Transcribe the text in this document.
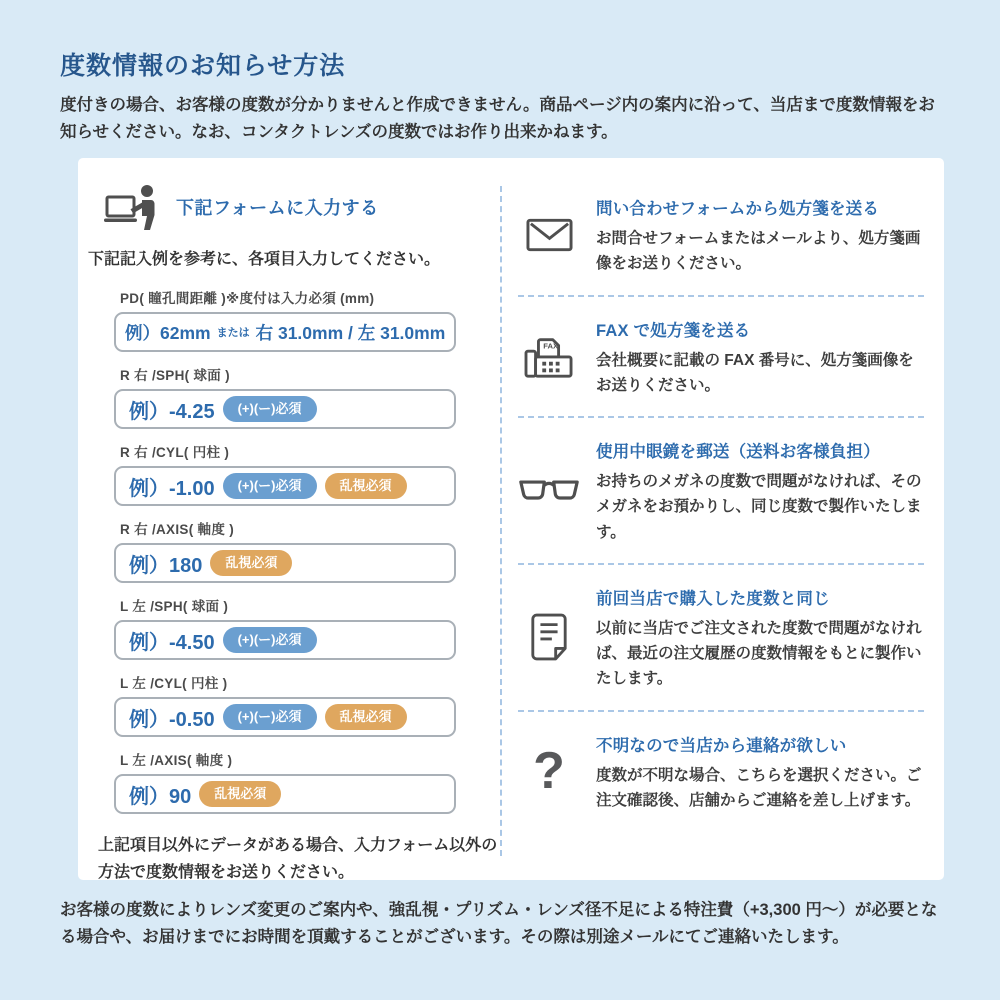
度数情報のお知らせ方法

度付きの場合、お客様の度数が分かりませんと作成できません。商品ページ内の案内に沿って、当店まで度数情報をお知らせください。なお、コンタクトレンズの度数ではお作り出来かねます。

下記フォームに入力する
下記記入例を参考に、各項目入力してください。
PD( 瞳孔間距離 )※度付は入力必須 (mm)
例）62mm または 右 31.0mm / 左 31.0mm
R 右 /SPH( 球面 )
例）-4.25	(+)(ー)必須
R 右 /CYL( 円柱 )
例）-1.00	(+)(ー)必須	乱視必須
R 右 /AXIS( 軸度 )
例）180	乱視必須
L 左 /SPH( 球面 )
例）-4.50	(+)(ー)必須
L 左 /CYL( 円柱 )
例）-0.50	(+)(ー)必須	乱視必須
L 左 /AXIS( 軸度 )
例）90	乱視必須
上記項目以外にデータがある場合、入力フォーム以外の方法で度数情報をお送りください。
問い合わせフォームから処方箋を送る
お問合せフォームまたはメールより、処方箋画像をお送りください。
FAX
FAX で処方箋を送る
会社概要に記載の FAX 番号に、処方箋画像をお送りください。
使用中眼鏡を郵送（送料お客様負担）
お持ちのメガネの度数で問題がなければ、そのメガネをお預かりし、同じ度数で製作いたします。
前回当店で購入した度数と同じ
以前に当店でご注文された度数で問題がなければ、最近の注文履歴の度数情報をもとに製作いたします。
? 不明なので当店から連絡が欲しい
度数が不明な場合、こちらを選択ください。ご注文確認後、店舗からご連絡を差し上げます。

お客様の度数によりレンズ変更のご案内や、強乱視・プリズム・レンズ径不足による特注費（+3,300 円〜）が必要となる場合や、お届けまでにお時間を頂戴することがございます。その際は別途メールにてご連絡いたします。
